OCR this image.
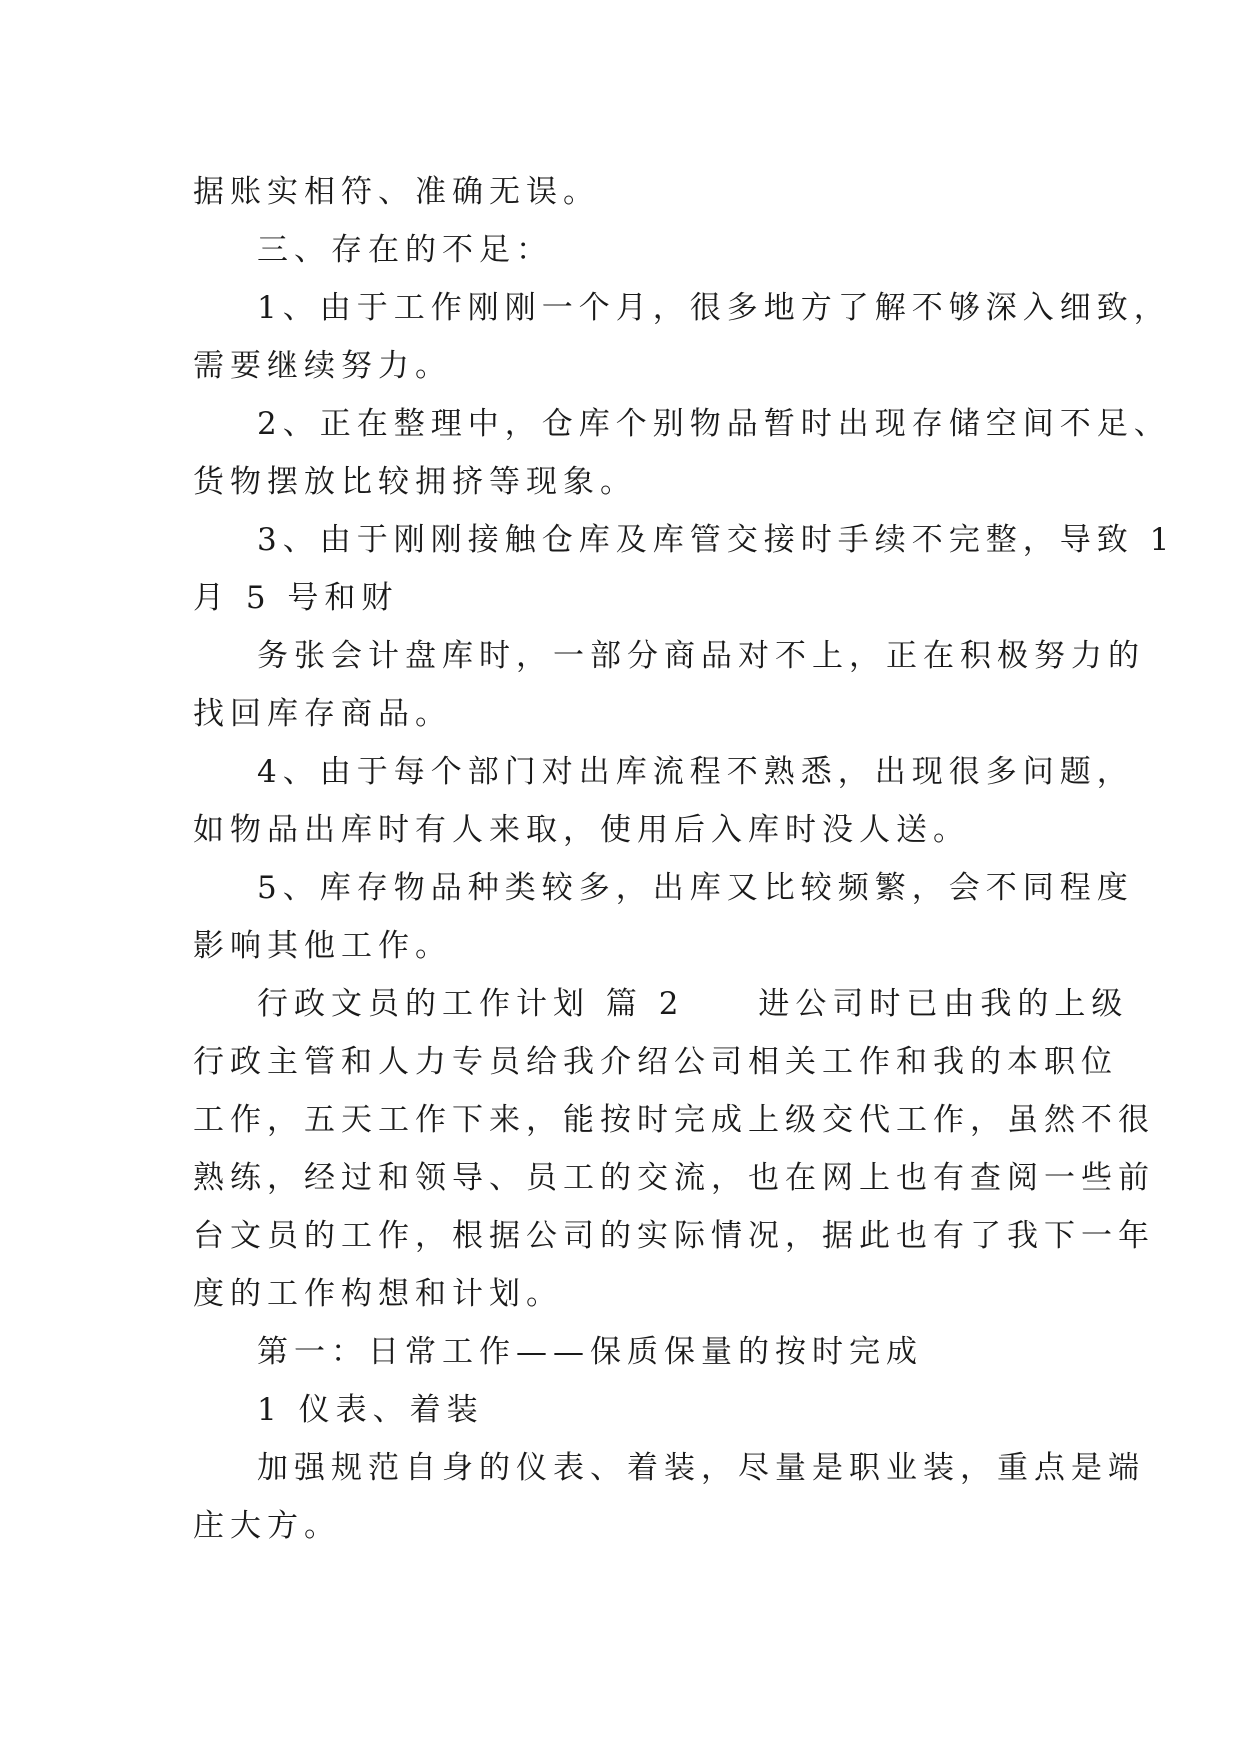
据账实相符、准确无误。
三、存在的不足：
1、由于工作刚刚一个月，很多地方了解不够深入细致，
需要继续努力。
2、正在整理中，仓库个别物品暂时出现存储空间不足、
货物摆放比较拥挤等现象。
3、由于刚刚接触仓库及库管交接时手续不完整，导致 1
月 5 号和财
务张会计盘库时，一部分商品对不上，正在积极努力的
找回库存商品。
4、由于每个部门对出库流程不熟悉，出现很多问题，
如物品出库时有人来取，使用后入库时没人送。
5、库存物品种类较多，出库又比较频繁，会不同程度
影响其他工作。
行政文员的工作计划 篇 2　　进公司时已由我的上级
行政主管和人力专员给我介绍公司相关工作和我的本职位
工作，五天工作下来，能按时完成上级交代工作，虽然不很
熟练，经过和领导、员工的交流，也在网上也有查阅一些前
台文员的工作，根据公司的实际情况，据此也有了我下一年
度的工作构想和计划。
第一：日常工作——保质保量的按时完成
1 仪表、着装
加强规范自身的仪表、着装，尽量是职业装，重点是端
庄大方。
